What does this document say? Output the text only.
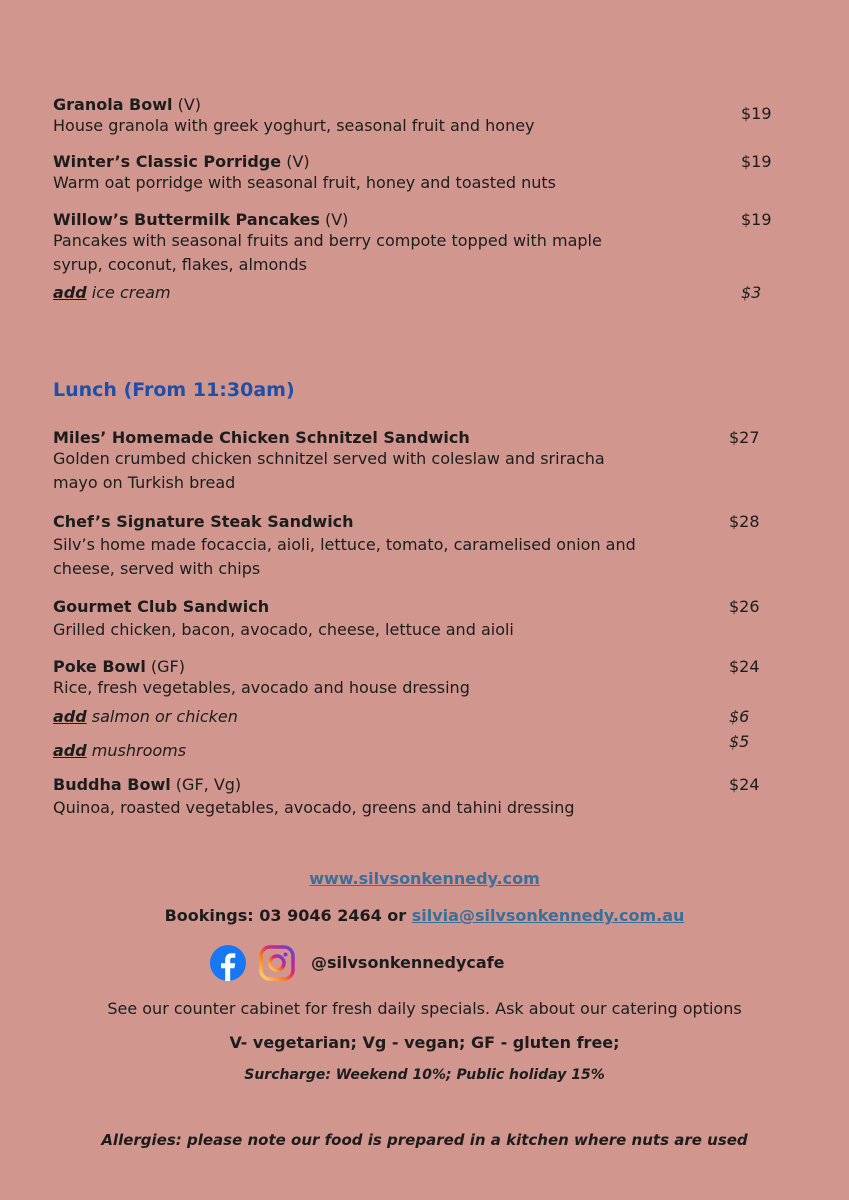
Granola Bowl (V)
House granola with greek yoghurt, seasonal fruit and honey
$19
Winter’s Classic Porridge (V)
Warm oat porridge with seasonal fruit, honey and toasted nuts
$19
Willow’s Buttermilk Pancakes (V)
Pancakes with seasonal fruits and berry compote topped with maple syrup, coconut, flakes, almonds
$19
add ice cream	$3
Lunch (From 11:30am)
Miles’ Homemade Chicken Schnitzel Sandwich
Golden crumbed chicken schnitzel served with coleslaw and sriracha mayo on Turkish bread
$27
Chef’s Signature Steak Sandwich
Silv’s home made focaccia, aioli, lettuce, tomato, caramelised onion and cheese, served with chips
$28
Gourmet Club Sandwich
Grilled chicken, bacon, avocado, cheese, lettuce and aioli
$26
Poke Bowl (GF)
Rice, fresh vegetables, avocado and house dressing
$24
add salmon or chicken	$6
add mushrooms	$5
Buddha Bowl (GF, Vg)
Quinoa, roasted vegetables, avocado, greens and tahini dressing
$24
www.silvsonkennedy.com
Bookings: 03 9046 2464 or silvia@silvsonkennedy.com.au
@silvsonkennedycafe
See our counter cabinet for fresh daily specials. Ask about our catering options
V- vegetarian; Vg - vegan; GF - gluten free;
Surcharge: Weekend 10%; Public holiday 15%
Allergies: please note our food is prepared in a kitchen where nuts are used
